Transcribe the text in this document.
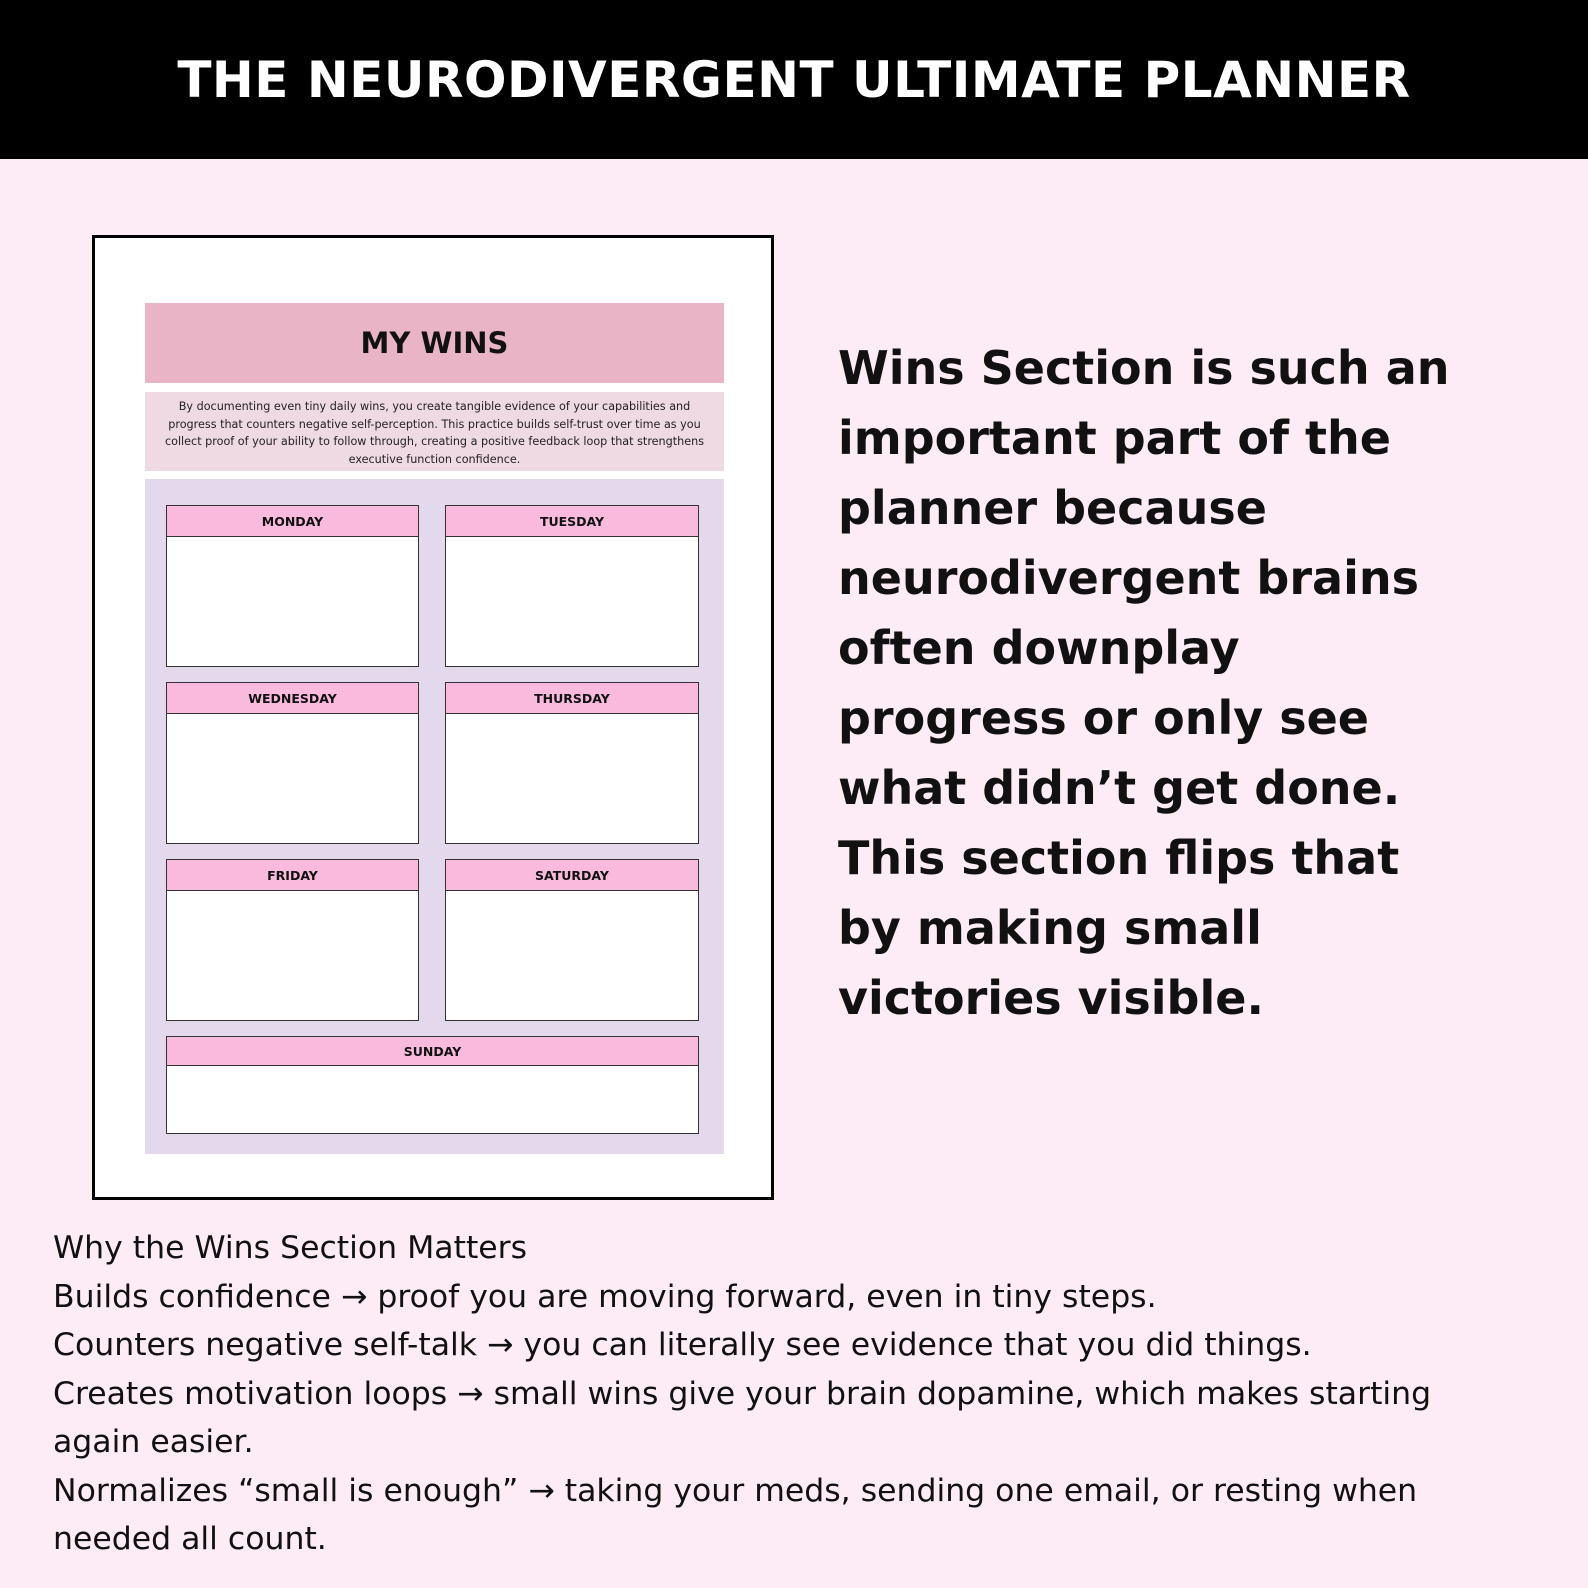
THE NEURODIVERGENT ULTIMATE PLANNER
MY WINS
By documenting even tiny daily wins, you create tangible evidence of your capabilities and progress that counters negative self-perception. This practice builds self-trust over time as you collect proof of your ability to follow through, creating a positive feedback loop that strengthens executive function confidence.
MONDAY	TUESDAY
WEDNESDAY	THURSDAY
FRIDAY	SATURDAY
SUNDAY
Wins Section is such an
important part of the
planner because
neurodivergent brains
often downplay
progress or only see
what didn’t get done.
This section flips that
by making small
victories visible.
Why the Wins Section Matters
Builds confidence → proof you are moving forward, even in tiny steps.
Counters negative self-talk → you can literally see evidence that you did things.
Creates motivation loops → small wins give your brain dopamine, which makes starting
again easier.
Normalizes “small is enough” → taking your meds, sending one email, or resting when
needed all count.
